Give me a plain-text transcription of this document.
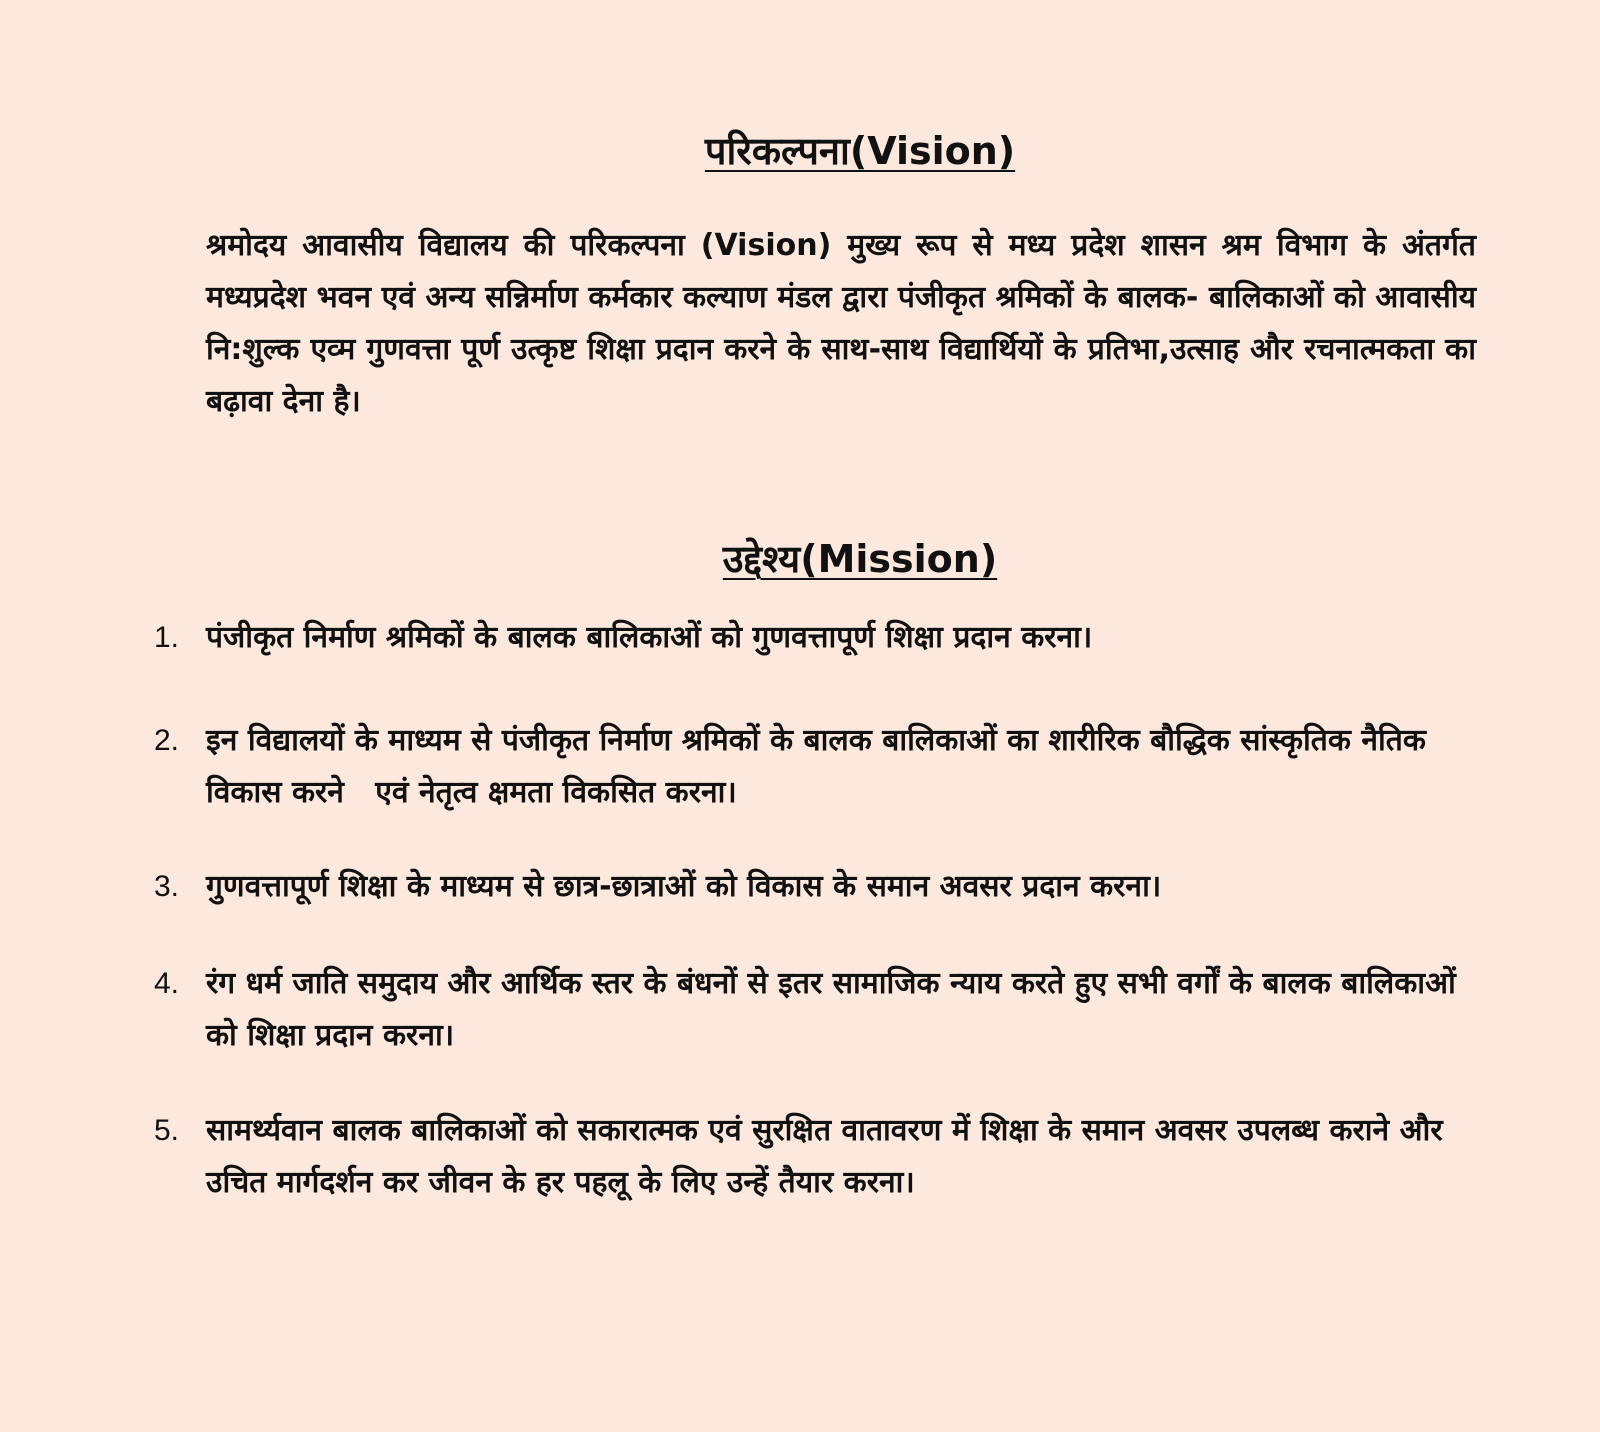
परिकल्पना(Vision)

श्रमोदय आवासीय विद्यालय की परिकल्पना (Vision) मुख्य रूप से मध्य प्रदेश शासन श्रम विभाग के अंतर्गत मध्यप्रदेश भवन एवं अन्य सन्निर्माण कर्मकार कल्याण मंडल द्वारा पंजीकृत श्रमिकों के बालक- बालिकाओं को आवासीय नि:शुल्क एव्म गुणवत्ता पूर्ण उत्कृष्ट शिक्षा प्रदान करने के साथ-साथ विद्यार्थियों के प्रतिभा,उत्साह और रचनात्मकता का बढ़ावा देना है।

उद्देश्य(Mission)
1. पंजीकृत निर्माण श्रमिकों के बालक बालिकाओं को गुणवत्तापूर्ण शिक्षा प्रदान करना।
2. इन विद्यालयों के माध्यम से पंजीकृत निर्माण श्रमिकों के बालक बालिकाओं का शारीरिक बौद्धिक सांस्कृतिक नैतिक विकास करने   एवं नेतृत्व क्षमता विकसित करना।
3. गुणवत्तापूर्ण शिक्षा के माध्यम से छात्र-छात्राओं को विकास के समान अवसर प्रदान करना।
4. रंग धर्म जाति समुदाय और आर्थिक स्तर के बंधनों से इतर सामाजिक न्याय करते हुए सभी वर्गों के बालक बालिकाओं को शिक्षा प्रदान करना।
5. सामर्थ्यवान बालक बालिकाओं को सकारात्मक एवं सुरक्षित वातावरण में शिक्षा के समान अवसर उपलब्ध कराने और उचित मार्गदर्शन कर जीवन के हर पहलू के लिए उन्हें तैयार करना।
